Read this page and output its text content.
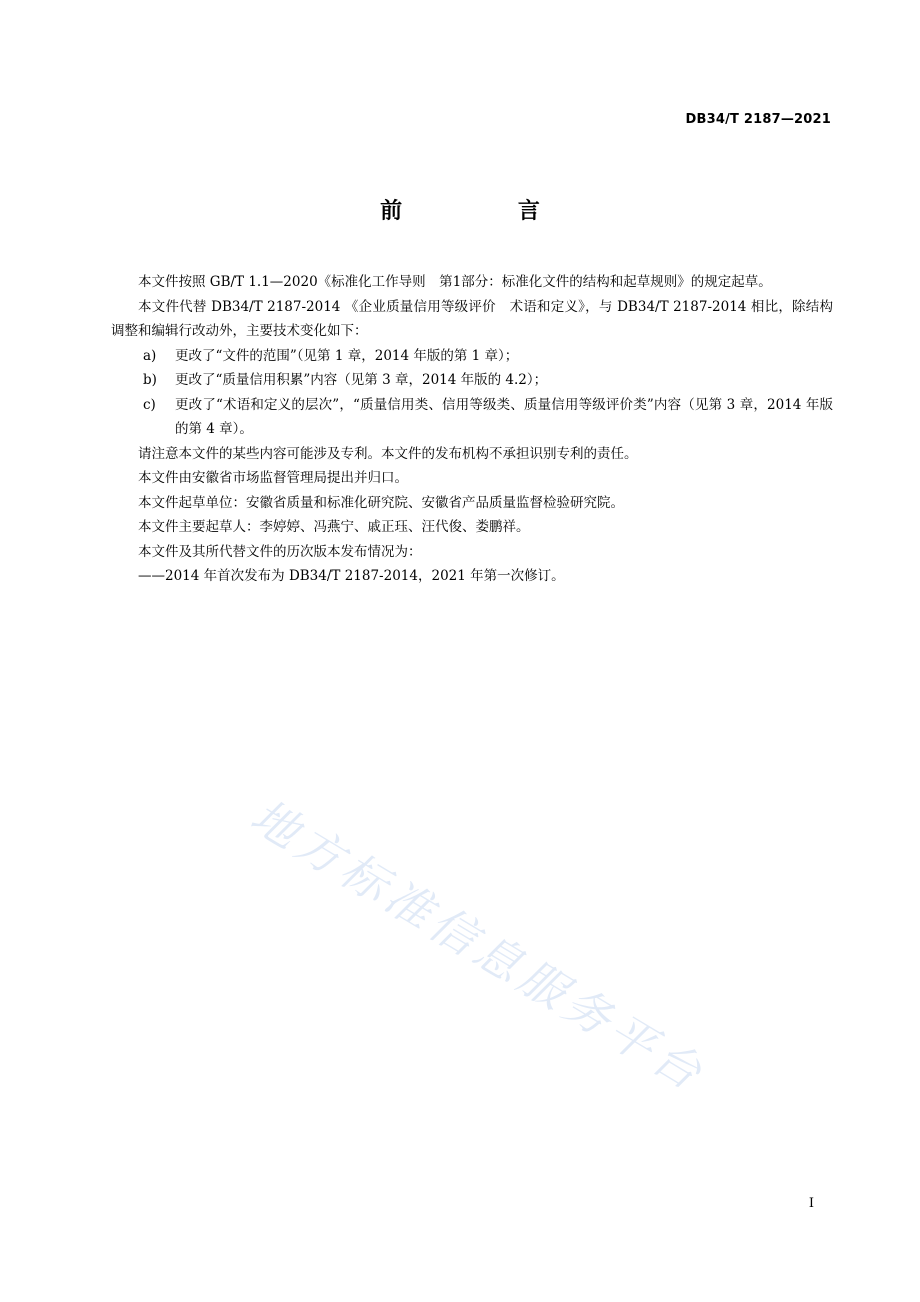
DB34/T 2187—2021
前 言

本文件按照 GB/T 1.1—2020《标准化工作导则　第1部分：标准化文件的结构和起草规则》的规定起草。

本文件代替 DB34/T 2187-2014 《企业质量信用等级评价　术语和定义》，与 DB34/T 2187-2014 相比，除结构调整和编辑行改动外，主要技术变化如下：

a) 更改了“文件的范围”（见第 1 章，2014 年版的第 1 章）；

b) 更改了“质量信用积累”内容（见第 3 章，2014 年版的 4.2）；

c) 更改了“术语和定义的层次”，“质量信用类、信用等级类、质量信用等级评价类”内容（见第 3 章，2014 年版的第 4 章）。

请注意本文件的某些内容可能涉及专利。本文件的发布机构不承担识别专利的责任。

本文件由安徽省市场监督管理局提出并归口。

本文件起草单位：安徽省质量和标准化研究院、安徽省产品质量监督检验研究院。

本文件主要起草人：李婷婷、冯燕宁、戚正珏、汪代俊、娄鹏祥。

本文件及其所代替文件的历次版本发布情况为：

——2014 年首次发布为 DB34/T 2187-2014，2021 年第一次修订。

地方标准信息服务平台
I
